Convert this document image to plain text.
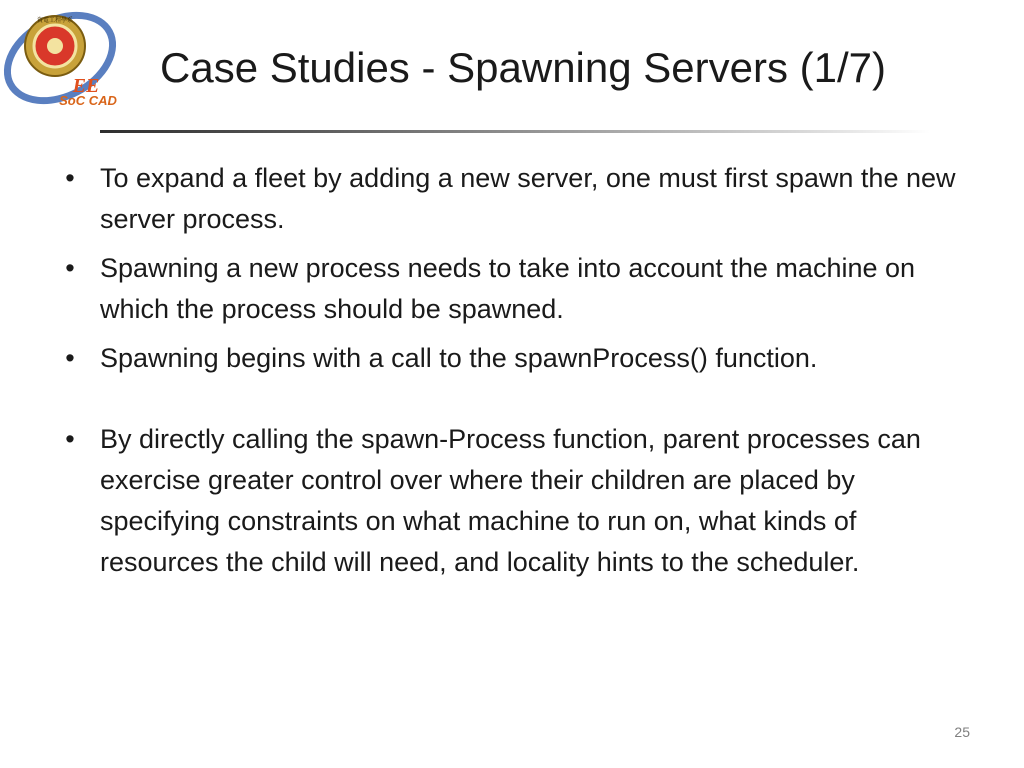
資電工程學系
EE
SoC CAD
Case Studies - Spawning Servers (1/7)
• To expand a fleet by adding a new server, one must first spawn the new server process.
• Spawning a new process needs to take into account the machine on which the process should be spawned.
• Spawning begins with a call to the spawnProcess() function.
• By directly calling the spawn-Process function, parent processes can exercise greater control over where their children are placed by specifying constraints on what machine to run on, what kinds of resources the child will need, and locality hints to the scheduler.
25
